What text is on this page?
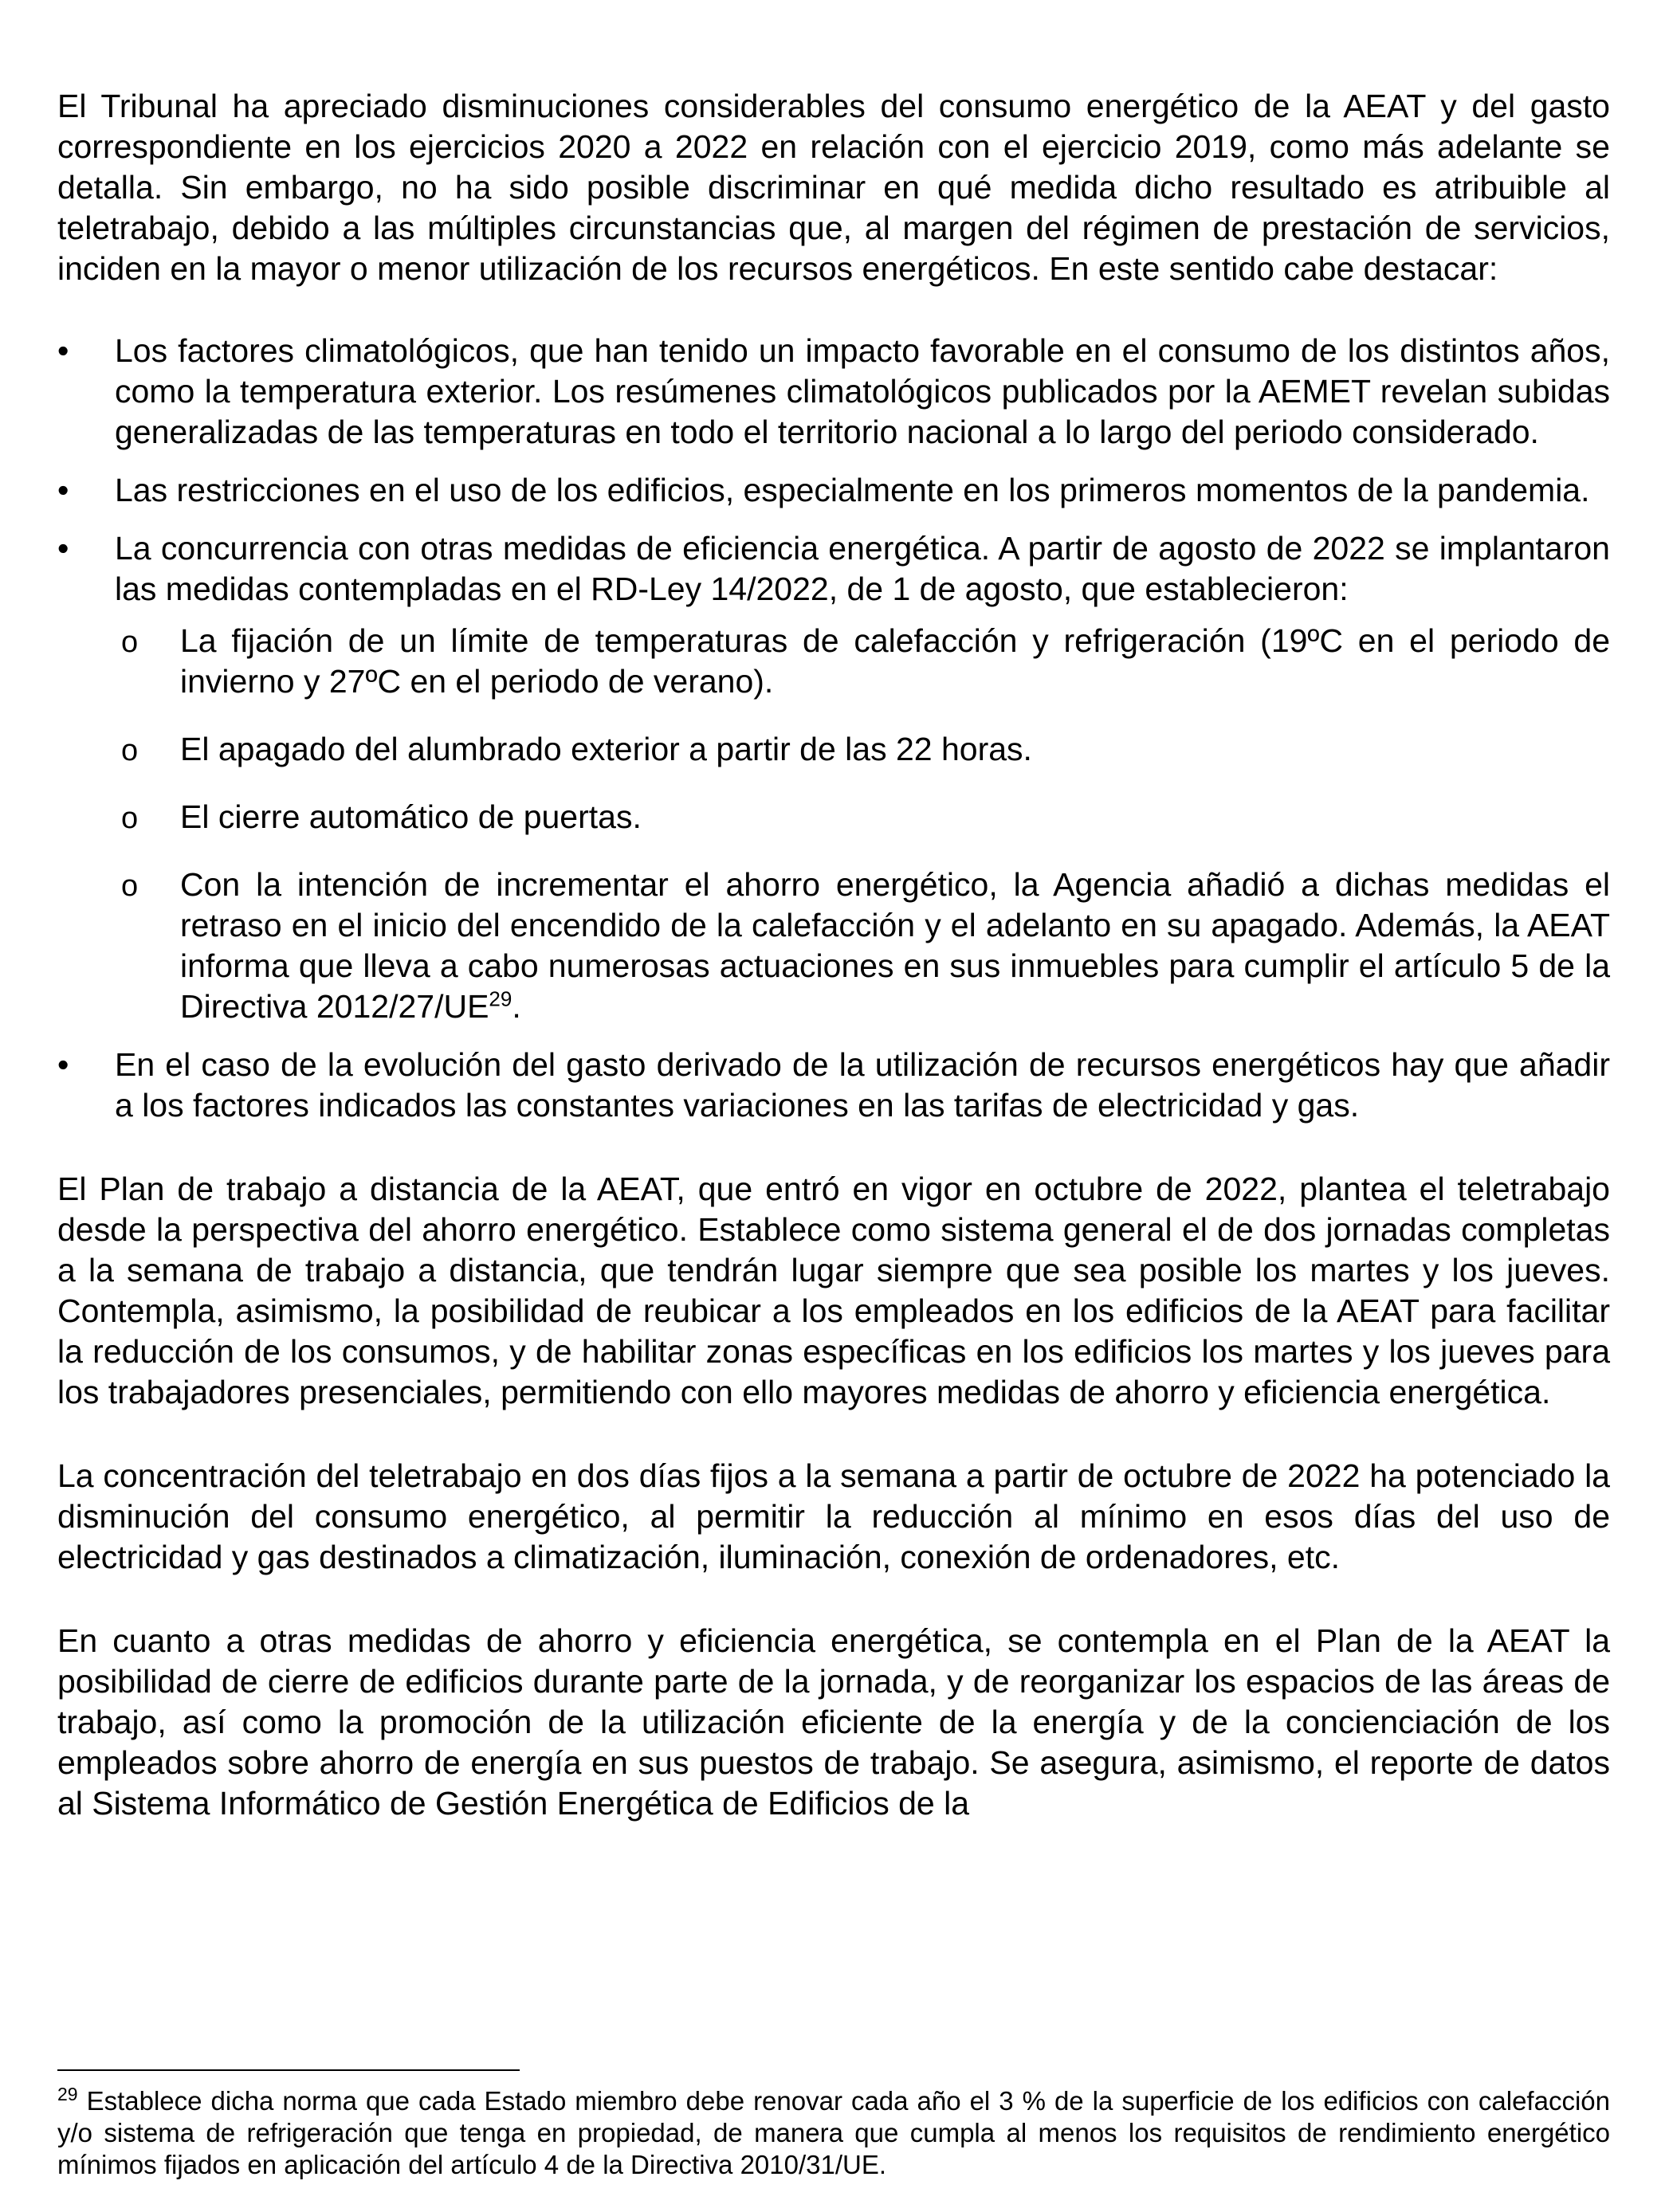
El Tribunal ha apreciado disminuciones considerables del consumo energético de la AEAT y del gasto correspondiente en los ejercicios 2020 a 2022 en relación con el ejercicio 2019, como más adelante se detalla. Sin embargo, no ha sido posible discriminar en qué medida dicho resultado es atribuible al teletrabajo, debido a las múltiples circunstancias que, al margen del régimen de prestación de servicios, inciden en la mayor o menor utilización de los recursos energéticos. En este sentido cabe destacar:

• Los factores climatológicos, que han tenido un impacto favorable en el consumo de los distintos años, como la temperatura exterior. Los resúmenes climatológicos publicados por la AEMET revelan subidas generalizadas de las temperaturas en todo el territorio nacional a lo largo del periodo considerado.

• Las restricciones en el uso de los edificios, especialmente en los primeros momentos de la pandemia.

• La concurrencia con otras medidas de eficiencia energética. A partir de agosto de 2022 se implantaron las medidas contempladas en el RD-Ley 14/2022, de 1 de agosto, que establecieron:

o La fijación de un límite de temperaturas de calefacción y refrigeración (19ºC en el periodo de invierno y 27ºC en el periodo de verano).

o El apagado del alumbrado exterior a partir de las 22 horas.

o El cierre automático de puertas.

o Con la intención de incrementar el ahorro energético, la Agencia añadió a dichas medidas el retraso en el inicio del encendido de la calefacción y el adelanto en su apagado. Además, la AEAT informa que lleva a cabo numerosas actuaciones en sus inmuebles para cumplir el artículo 5 de la Directiva 2012/27/UE$^{29}$.

• En el caso de la evolución del gasto derivado de la utilización de recursos energéticos hay que añadir a los factores indicados las constantes variaciones en las tarifas de electricidad y gas.

El Plan de trabajo a distancia de la AEAT, que entró en vigor en octubre de 2022, plantea el teletrabajo desde la perspectiva del ahorro energético. Establece como sistema general el de dos jornadas completas a la semana de trabajo a distancia, que tendrán lugar siempre que sea posible los martes y los jueves. Contempla, asimismo, la posibilidad de reubicar a los empleados en los edificios de la AEAT para facilitar la reducción de los consumos, y de habilitar zonas específicas en los edificios los martes y los jueves para los trabajadores presenciales, permitiendo con ello mayores medidas de ahorro y eficiencia energética.

La concentración del teletrabajo en dos días fijos a la semana a partir de octubre de 2022 ha potenciado la disminución del consumo energético, al permitir la reducción al mínimo en esos días del uso de electricidad y gas destinados a climatización, iluminación, conexión de ordenadores, etc.

En cuanto a otras medidas de ahorro y eficiencia energética, se contempla en el Plan de la AEAT la posibilidad de cierre de edificios durante parte de la jornada, y de reorganizar los espacios de las áreas de trabajo, así como la promoción de la utilización eficiente de la energía y de la concienciación de los empleados sobre ahorro de energía en sus puestos de trabajo. Se asegura, asimismo, el reporte de datos al Sistema Informático de Gestión Energética de Edificios de la

$^{29}$ Establece dicha norma que cada Estado miembro debe renovar cada año el 3 % de la superficie de los edificios con calefacción y/o sistema de refrigeración que tenga en propiedad, de manera que cumpla al menos los requisitos de rendimiento energético mínimos fijados en aplicación del artículo 4 de la Directiva 2010/31/UE.
